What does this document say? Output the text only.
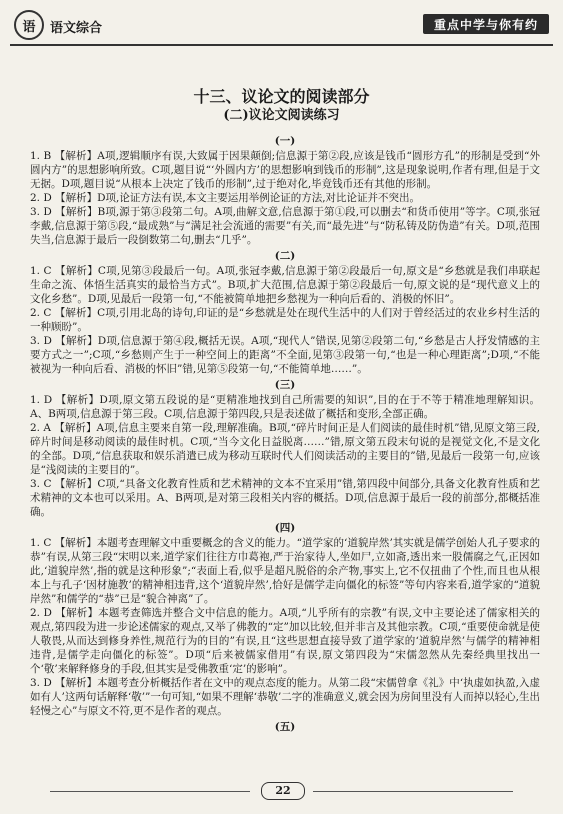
语 语文综合	重点中学与你有约
十三、议论文的阅读部分
(二)议论文阅读练习
(一)

1. B 【解析】A项,逻辑顺序有误,大致属于因果颠倒;信息源于第②段,应该是钱币“圆形方孔”的形制是受到“外圆内方”的思想影响所致。C项,题目说“‘外圆内方’的思想影响到钱币的形制”,这是现象说明,作者有理,但是于文无据。D项,题目说“从根本上决定了钱币的形制”,过于绝对化,毕竟钱币还有其他的形制。

2. D 【解析】D项,论证方法有误,本文主要运用举例论证的方法,对比论证并不突出。

3. D 【解析】B项,源于第③段第二句。A项,曲解文意,信息源于第①段,可以删去“和货币使用”等字。C项,张冠李戴,信息源于第⑤段,“最成熟”与“满足社会流通的需要”有关,而“最先进”与“防私铸及防伪造”有关。D项,范围失当,信息源于最后一段倒数第二句,删去“几乎”。

(二)

1. C 【解析】C项,见第③段最后一句。A项,张冠李戴,信息源于第②段最后一句,原文是“乡愁就是我们串联起生命之流、体悟生活真实的最恰当方式”。B项,扩大范围,信息源于第②段最后一句,原文说的是“现代意义上的文化乡愁”。D项,见最后一段第一句,“不能被简单地把乡愁视为一种向后看的、消极的怀旧”。

2. C 【解析】C项,引用北岛的诗句,印证的是“乡愁就是处在现代生活中的人们对于曾经活过的农业乡村生活的一种顾盼”。

3. D 【解析】D项,信息源于第④段,概括无误。A项,“现代人”错误,见第②段第二句,“乡愁是古人抒发情感的主要方式之一”;C项,“乡愁则产生于一种空间上的距离”不全面,见第③段第一句,“也是一种心理距离”;D项,“不能被视为一种向后看、消极的怀旧”错,见第⑤段第一句,“不能简单地……”。

(三)

1. D 【解析】D项,原文第五段说的是“更精准地找到自己所需要的知识”,目的在于不等于精准地理解知识。A、B两项,信息源于第三段。C项,信息源于第四段,只是表述做了概括和变形,全部正确。

2. A 【解析】A项,信息主要来自第一段,理解准确。B项,“碎片时间正是人们阅读的最佳时机”错,见原文第三段,碎片时间是移动阅读的最佳时机。C项,“当今文化日益脱离……”错,原文第五段末句说的是视觉文化,不是文化的全部。D项,“信息获取和娱乐消遣已成为移动互联时代人们阅读活动的主要目的”错,见最后一段第一句,应该是“浅阅读的主要目的”。

3. C 【解析】C项,“具备文化教育性质和艺术精神的文本不宜采用”错,第四段中间部分,具备文化教育性质和艺术精神的文本也可以采用。A、B两项,是对第三段相关内容的概括。D项,信息源于最后一段的前部分,都概括准确。

(四)

1. C 【解析】本题考查理解文中重要概念的含义的能力。“道学家的‘道貌岸然’其实就是儒学创始人孔子要求的恭”有误,从第三段“宋明以来,道学家们往往方巾葛袍,严于治家待人,坐如尸,立如斋,透出来一股儒腐之气,正因如此,‘道貌岸然’,指的就是这种形象”;“表面上看,似乎是超凡脱俗的余产物,事实上,它不仅扭曲了个性,而且也从根本上与孔子‘因材施教’的精神相违背,这个‘道貌岸然’,恰好是儒学走向僵化的标签”等句内容来看,道学家的“道貌岸然”和儒学的“恭”已是“貌合神离”了。

2. D 【解析】本题考查筛选并整合文中信息的能力。A项,“儿乎所有的宗教”有误,文中主要论述了儒家相关的观点,第四段为进一步论述儒家的观点,又举了佛教的“定”加以比较,但并非言及其他宗教。C项,“重要使命就是使人敬畏,从而达到修身养性,规范行为的目的”有误,且“这些思想直接导致了道学家的‘道貌岸然’与儒学的精神相违背,是儒学走向僵化的标签”。D项“后来被儒家借用”有误,原文第四段为“宋儒忽然从先秦经典里找出一个‘敬’来解释修身的手段,但其实是受佛教重‘定’的影响”。

3. D 【解析】本题考查分析概括作者在文中的观点态度的能力。从第二段“宋儒曾拿《礼》中‘执虚如执盈,入虚如有人’这两句话解释‘敬’”一句可知,“如果不理解‘恭敬’二字的准确意义,就会因为房间里没有人而掉以轻心,生出轻慢之心”与原文不符,更不是作者的观点。

(五)
22
